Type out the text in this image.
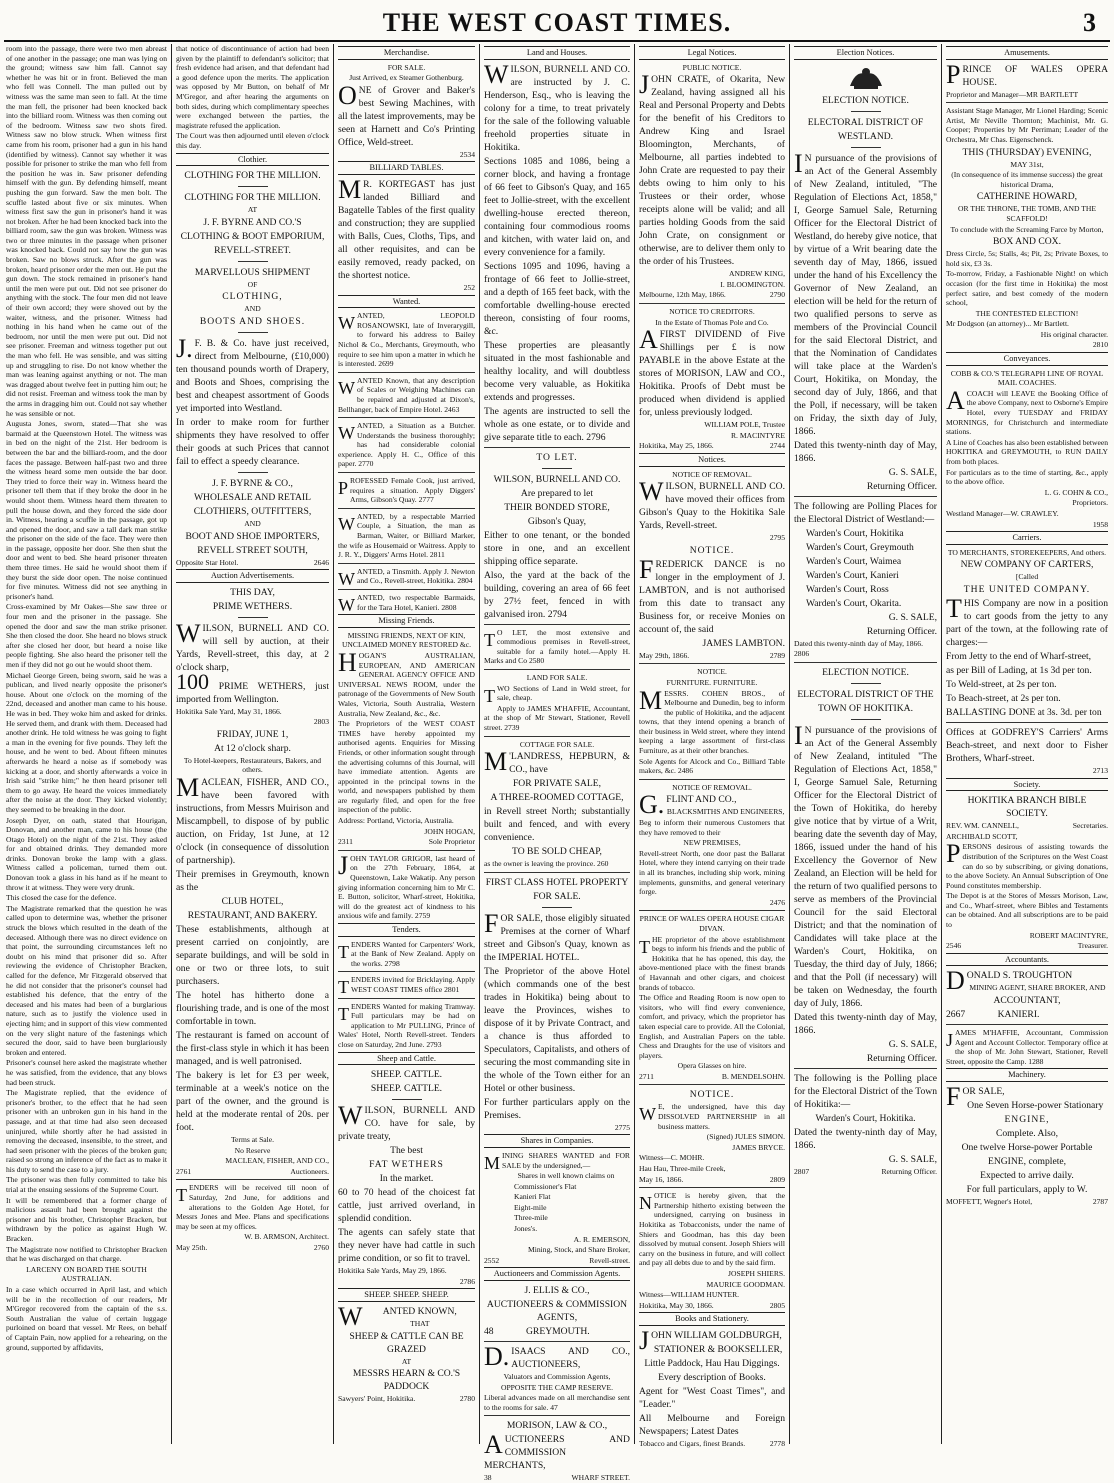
THE WEST COAST TIMES.	3

room into the passage, there were two men abreast of one another in the passage; one man was lying on the ground; witness saw him fall. Cannot say whether he was hit or in front. Believed the man who fell was Connell. The man pulled out by witness was the same man seen to fall. At the time the man fell, the prisoner had been knocked back into the billiard room. Witness was then coming out of the bedroom. Witness saw two shots fired. Witness saw no blow struck. When witness first came from his room, prisoner had a gun in his hand (identified by witness). Cannot say whether it was possible for prisoner to strike the man who fell from the position he was in. Saw prisoner defending himself with the gun. By defending himself, meant pushing the gun forward. Saw the men bolt. The scuffle lasted about five or six minutes. When witness first saw the gun in prisoner's hand it was not broken. After he had been knocked back into the billiard room, saw the gun was broken. Witness was two or three minutes in the passage when prisoner was knocked back. Could not say how the gun was broken. Saw no blows struck. After the gun was broken, heard prisoner order the men out. He put the gun down. The stock remained in prisoner's hand until the men were put out. Did not see prisoner do anything with the stock. The four men did not leave of their own accord; they were shoved out by the waiter, witness, and the prisoner. Witness had nothing in his hand when he came out of the bedroom, nor until the men were put out. Did not see prisoner. Freeman and witness together put out the man who fell. He was sensible, and was sitting up and struggling to rise. Do not know whether the man was leaning against anything or not. The man was dragged about twelve feet in putting him out; he did not resist. Freeman and witness took the man by the arms in dragging him out. Could not say whether he was sensible or not.

Augusta Jones, sworn, stated—That she was barmaid at the Queenstown Hotel. The witness was in bed on the night of the 21st. Her bedroom is between the bar and the billiard-room, and the door faces the passage. Between half-past two and three the witness heard some men outside the bar door. They tried to force their way in. Witness heard the prisoner tell them that if they broke the door in he would shoot them. Witness heard them threaten to pull the house down, and they forced the side door in. Witness, hearing a scuffle in the passage, got up and opened the door, and saw a tall dark man strike the prisoner on the side of the face. They were then in the passage, opposite her door. She then shut the door and went to bed. She heard prisoner threaten them three times. He said he would shoot them if they burst the side door open. The noise continued for five minutes. Witness did not see anything in prisoner's hand.

Cross-examined by Mr Oakes—She saw three or four men and the prisoner in the passage. She opened the door and saw the man strike prisoner. She then closed the door. She heard no blows struck after she closed her door, but heard a noise like people fighting. She also heard the prisoner tell the men if they did not go out he would shoot them.

Michael George Green, being sworn, said he was a publican, and lived nearly opposite the prisoner's house. About one o'clock on the morning of the 22nd, deceased and another man came to his house. He was in bed. They woke him and asked for drinks. He served them, and drank with them. Deceased had another drink. He told witness he was going to fight a man in the evening for five pounds. They left the house, and he went to bed. About fifteen minutes afterwards he heard a noise as if somebody was kicking at a door, and shortly afterwards a voice in Irish said "strike him;" he then heard prisoner tell them to go away. He heard the voices immediately after the noise at the door. They kicked violently; they seemed to be breaking in the door.

Joseph Dyer, on oath, stated that Hourigan, Donovan, and another man, came to his house (the Otago Hotel) on the night of the 21st. They asked for and obtained drinks. They demanded more drinks. Donovan broke the lamp with a glass. Witness called a policeman, turned them out. Donovan took a glass in his hand as if he meant to throw it at witness. They were very drunk.

This closed the case for the defence.

The Magistrate remarked that the question he was called upon to determine was, whether the prisoner struck the blows which resulted in the death of the deceased. Although there was no direct evidence on that point, the surrounding circumstances left no doubt on his mind that prisoner did so. After reviewing the evidence of Christopher Bracken, called for the defence, Mr Fitzgerald observed that he did not consider that the prisoner's counsel had established his defence, that the entry of the deceased and his mates had been of a burglarious nature, such as to justify the violence used in ejecting him; and in support of this view commented on the very slight nature of the fastenings which secured the door, said to have been burglariously broken and entered.

Prisoner's counsel here asked the magistrate whether he was satisfied, from the evidence, that any blows had been struck.

The Magistrate replied, that the evidence of prisoner's brother, to the effect that he had seen prisoner with an unbroken gun in his hand in the passage, and at that time had also seen deceased uninjured, while shortly after he had assisted in removing the deceased, insensible, to the street, and had seen prisoner with the pieces of the broken gun; raised so strong an inference of the fact as to make it his duty to send the case to a jury.

The prisoner was then fully committed to take his trial at the ensuing sessions of the Supreme Court.

It will be remembered that a former charge of malicious assault had been brought against the prisoner and his brother, Christopher Bracken, but withdrawn by the police as against Hugh W. Bracken.

The Magistrate now notified to Christopher Bracken that he was discharged on that charge.

LARCENY ON BOARD THE SOUTH AUSTRALIAN.

In a case which occurred in April last, and which will be in the recollection of our readers, Mr M'Gregor recovered from the captain of the s.s. South Australian the value of certain luggage purloined on board that vessel. Mr Rees, on behalf of Captain Pain, now applied for a rehearing, on the ground, supported by affidavits,

that notice of discontinuance of action had been given by the plaintiff to defendant's solicitor; that fresh evidence had arisen, and that defendant had a good defence upon the merits. The application was opposed by Mr Button, on behalf of Mr M'Gregor, and after hearing the arguments on both sides, during which complimentary speeches were exchanged between the parties, the magistrate refused the application.

The Court was then adjourned until eleven o'clock this day.

Clothier.

CLOTHING FOR THE MILLION.

CLOTHING FOR THE MILLION.

AT

J. F. BYRNE AND CO.'S

CLOTHING & BOOT EMPORIUM,

REVELL-STREET.

MARVELLOUS SHIPMENT

OF

CLOTHING,

AND

BOOTS AND SHOES.

J. F. B. & Co. have just received, direct from Melbourne, (£10,000) ten thousand pounds worth of Drapery, and Boots and Shoes, comprising the best and cheapest assortment of Goods yet imported into Westland.

In order to make room for further shipments they have resolved to offer their goods at such Prices that cannot fail to effect a speedy clearance.

J. F. BYRNE & CO.,

WHOLESALE AND RETAIL

CLOTHIERS, OUTFITTERS,

AND

BOOT AND SHOE IMPORTERS,

REVELL STREET SOUTH,

Opposite Star Hotel.	2646

Auction Advertisements.

THIS DAY,

PRIME WETHERS.

WILSON, BURNELL AND CO. will sell by auction, at their Yards, Revell-street, this day, at 2 o'clock sharp,

100 PRIME WETHERS, just imported from Wellington.

Hokitika Sale Yard, May 31, 1866.

2803

FRIDAY, JUNE 1,

At 12 o'clock sharp.

To Hotel-keepers, Restaurateurs, Bakers, and others.

MACLEAN, FISHER, AND CO., have been favored with instructions, from Messrs Muirison and Miscampbell, to dispose of by public auction, on Friday, 1st June, at 12 o'clock (in consequence of dissolution of partnership).

Their premises in Greymouth, known as the

CLUB HOTEL,

RESTAURANT, AND BAKERY.

These establishments, although at present carried on conjointly, are separate buildings, and will be sold in one or two or three lots, to suit purchasers.

The hotel has hitherto done a flourishing trade, and is one of the most comfortable in town.

The restaurant is famed on account of the first-class style in which it has been managed, and is well patronised.

The bakery is let for £3 per week, terminable at a week's notice on the part of the owner, and the ground is held at the moderate rental of 20s. per foot.

Terms at Sale.

No Reserve

MACLEAN, FISHER, AND CO.,

2761	Auctioneers.

TENDERS will be received till noon of Saturday, 2nd June, for additions and alterations to the Golden Age Hotel, for Messrs Jones and Mee. Plans and specifications may be seen at my offices.

W. B. ARMSON, Architect.

May 25th.	2760

Merchandise.

FOR SALE.

Just Arrived, ex Steamer Gothenburg.

ONE of Grover and Baker's best Sewing Machines, with all the latest improvements, may be seen at Harnett and Co's Printing Office, Weld-street.

2534

BILLIARD TABLES.

M R. KORTEGAST has just landed Billiard and Bagatelle Tables of the first quality and construction; they are supplied with Balls, Cues, Cloths, Tips, and all other requisites, and can be easily removed, ready packed, on the shortest notice.

252

Wanted.

WANTED, LEOPOLD ROSANOWSKI, late of Inverarygill, to forward his address to Bailey Nichol & Co., Merchants, Greymouth, who require to see him upon a matter in which he is interested. 2699

WANTED Known, that any description of Scales or Weighing Machines can be repaired and adjusted at Dixon's, Bellhanger, back of Empire Hotel. 2463

WANTED, a Situation as a Butcher. Understands the business thoroughly; has had considerable colonial experience. Apply H. C., Office of this paper. 2770

PROFESSED Female Cook, just arrived, requires a situation. Apply Diggers' Arms, Gibson's Quay. 2777

WANTED, by a respectable Married Couple, a Situation, the man as Barman, Waiter, or Billiard Marker, the wife as Housemaid or Waitress. Apply to J. R. Y., Diggers' Arms Hotel. 2811

WANTED, a Tinsmith. Apply J. Newton and Co., Revell-street, Hokitika. 2804

WANTED, two respectable Barmaids, for the Tara Hotel, Kanieri. 2808

Missing Friends.

MISSING FRIENDS, NEXT OF KIN, UNCLAIMED MONEY RESTORED &c.

HOGAN'S AUSTRALIAN, EUROPEAN, AND AMERICAN GENERAL AGENCY OFFICE AND UNIVERSAL NEWS ROOM, under the patronage of the Governments of New South Wales, Victoria, South Australia, Western Australia, New Zealand, &c., &c.

The Proprietors of the WEST COAST TIMES have hereby appointed my authorised agents. Enquiries for Missing Friends, or other information sought through the advertising columns of this Journal, will have immediate attention. Agents are appointed in the principal towns in the world, and newspapers published by them are regularly filed, and open for the free inspection of the public.

Address: Portland, Victoria, Australia.

JOHN HOGAN,

2311	Sole Proprietor

JOHN TAYLOR GRIGOR, last heard of on the 27th February, 1864, at Queenstown, Lake Wakatip. Any person giving information concerning him to Mr C. E. Button, solicitor, Wharf-street, Hokitika, will do the greatest act of kindness to his anxious wife and family. 2759

Tenders.

TENDERS Wanted for Carpenters' Work, at the Bank of New Zealand. Apply on the works. 2798

TENDERS invited for Bricklaying. Apply WEST COAST TIMES office 2801

TENDERS Wanted for making Tramway. Full particulars may be had on application to Mr PULLING, Prince of Wales' Hotel, North Revell-street. Tenders close on Saturday, 2nd June. 2793

Sheep and Cattle.

SHEEP. CATTLE.

SHEEP. CATTLE.

WILSON, BURNELL AND CO. have for sale, by private treaty,

The best

FAT WETHERS

In the market.

60 to 70 head of the choicest fat cattle, just arrived overland, in splendid condition.

The agents can safely state that they never have had cattle in such prime condition, or so fit to travel.

Hokitika Sale Yards, May 29, 1866.

2786

SHEEP. SHEEP. SHEEP.

W ANTED KNOWN,

THAT

SHEEP & CATTLE CAN BE GRAZED

AT

MESSRS HEARN & CO.'S PADDOCK

Sawyers' Point, Hokitika.	2780

Land and Houses.

WILSON, BURNELL AND CO. are instructed by J. C. Henderson, Esq., who is leaving the colony for a time, to treat privately for the sale of the following valuable freehold properties situate in Hokitika.

Sections 1085 and 1086, being a corner block, and having a frontage of 66 feet to Gibson's Quay, and 165 feet to Jollie-street, with the excellent dwelling-house erected thereon, containing four commodious rooms and kitchen, with water laid on, and every convenience for a family.

Sections 1095 and 1096, having a frontage of 66 feet to Jollie-street, and a depth of 165 feet back, with the comfortable dwelling-house erected thereon, consisting of four rooms, &c.

These properties are pleasantly situated in the most fashionable and healthy locality, and will doubtless become very valuable, as Hokitika extends and progresses.

The agents are instructed to sell the whole as one estate, or to divide and give separate title to each. 2796

TO LET.

WILSON, BURNELL AND CO.

Are prepared to let

THEIR BONDED STORE,

Gibson's Quay,

Either to one tenant, or the bonded store in one, and an excellent shipping office separate.

Also, the yard at the back of the building, covering an area of 66 feet by 27½ feet, fenced in with galvanised iron. 2794

T O LET, the most extensive and commodious premises in Revell-street, suitable for a family hotel.—Apply H. Marks and Co 2580

LAND FOR SALE.

TWO Sections of Land in Weld street, for sale, cheap.

Apply to JAMES M'HAFFIE, Accountant, at the shop of Mr Stewart, Stationer, Revell street. 2739

COTTAGE FOR SALE.

M 'LANDRESS, HEPBURN, & CO., have

FOR PRIVATE SALE,

A THREE-ROOMED COTTAGE,

in Revell street North; substantially built and fenced, and with every convenience.

TO BE SOLD CHEAP,

as the owner is leaving the province. 260

FIRST CLASS HOTEL PROPERTY

FOR SALE.

FOR SALE, those eligibly situated Premises at the corner of Wharf street and Gibson's Quay, known as the IMPERIAL HOTEL.

The Proprietor of the above Hotel (which commands one of the best trades in Hokitika) being about to leave the Provinces, wishes to dispose of it by Private Contract, and a chance is thus afforded to Speculators, Capitalists, and others of securing the most commanding site in the whole of the Town either for an Hotel or other business.

For further particulars apply on the Premises.

2775

Shares in Companies.

MINING SHARES WANTED and FOR SALE by the undersigned,—

Shares in well known claims on

Commissioner's Flat

Kanieri Flat

Eight-mile

Three-mile

Jones's.

A. R. EMERSON,

Mining, Stock, and Share Broker,

2552	Revell-street.

Auctioneers and Commission Agents.

J. ELLIS & CO.,

AUCTIONEERS & COMMISSION AGENTS,

48	GREYMOUTH.

D. ISAACS AND CO., AUCTIONEERS,

Valuators and Commission Agents,

OPPOSITE THE CAMP RESERVE.

Liberal advances made on all merchandise sent to the rooms for sale. 47

MORISON, LAW & CO.,

AUCTIONEERS AND COMMISSION MERCHANTS,

38	WHARF STREET.

Legal Notices.

PUBLIC NOTICE.

JOHN CRATE, of Okarita, New Zealand, having assigned all his Real and Personal Property and Debts for the benefit of his Creditors to Andrew King and Israel Bloomington, Merchants, of Melbourne, all parties indebted to John Crate are requested to pay their debts owing to him only to his Trustees or their order, whose receipts alone will be valid; and all parties holding Goods from the said John Crate, on consignment or otherwise, are to deliver them only to the order of his Trustees.

ANDREW KING,

I. BLOOMINGTON.

Melbourne, 12th May, 1866.	2790

NOTICE TO CREDITORS.

In the Estate of Thomas Pole and Co.

AFIRST DIVIDEND of Five Shillings per £ is now PAYABLE in the above Estate at the stores of MORISON, LAW and CO., Hokitika. Proofs of Debt must be produced when dividend is applied for, unless previously lodged.

WILLIAM POLE, Trustee

R. MACINTYRE

Hokitika, May 25, 1866.	2744

Notices.

NOTICE OF REMOVAL.

WILSON, BURNELL AND CO. have moved their offices from Gibson's Quay to the Hokitika Sale Yards, Revell-street.

2795

NOTICE.

FREDERICK DANCE is no longer in the employment of J. LAMBTON, and is not authorised from this date to transact any Business for, or receive Monies on account of, the said

JAMES LAMBTON.

May 29th, 1866.	2789

NOTICE.

FURNITURE. FURNITURE.

MESSRS. COHEN BROS., of Melbourne and Dunedin, beg to inform the public of Hokitika, and the adjacent towns, that they intend opening a branch of their business in Weld street, where they intend keeping a large assortment of first-class Furniture, as at their other branches.

Sole Agents for Alcock and Co., Billiard Table makers, &c. 2486

NOTICE OF REMOVAL.

G. FLINT AND CO.,

BLACKSMITHS AND ENGINEERS,

Beg to inform their numerous Customers that they have removed to their

NEW PREMISES,

Revell-street North, one door past the Ballarat Hotel, where they intend carrying on their trade in all its branches, including ship work, mining implements, gunsmiths, and general veterinary forge.

2476

PRINCE OF WALES OPERA HOUSE CIGAR DIVAN.

THE proprietor of the above establishment begs to inform his friends and the public of Hokitika that he has opened, this day, the above-mentioned place with the finest brands of Havannah and other cigars, and choicest brands of tobacco.

The Office and Reading Room is now open to visitors, who will find every convenience, comfort, and privacy, which the proprietor has taken especial care to provide. All the Colonial, English, and Australian Papers on the table. Chess and Draughts for the use of visitors and players.

Opera Glasses on hire.

2711	B. MENDELSOHN.

NOTICE.

W E, the undersigned, have this day DISSOLVED PARTNERSHIP in all business matters.

(Signed) JULES SIMON.

JAMES BRYCE.

Witness—C. MOHR.

Hau Hau, Three-mile Creek,

May 16, 1866.	2809

NOTICE is hereby given, that the Partnership hitherto existing between the undersigned, carrying on business in Hokitika as Tobacconists, under the name of Shiers and Goodman, has this day been dissolved by mutual consent. Joseph Shiers will carry on the business in future, and will collect and pay all debts due to and by the said firm.

JOSEPH SHIERS.

MAURICE GOODMAN.

Witness—WILLIAM HUNTER.

Hokitika, May 30, 1866.	2805

Books and Stationery.

JOHN WILLIAM GOLDBURGH,

STATIONER & BOOKSELLER,

Little Paddock, Hau Hau Diggings.

Every description of Books.

Agent for "West Coast Times", and "Leader."

All Melbourne and Foreign Newspapers; Latest Dates

Tobacco and Cigars, finest Brands.	2778

Election Notices.

ELECTION NOTICE.

ELECTORAL DISTRICT OF

WESTLAND.

I N pursuance of the provisions of an Act of the General Assembly of New Zealand, intituled, "The Regulation of Elections Act, 1858," I, George Samuel Sale, Returning Officer for the Electoral District of Westland, do hereby give notice, that by virtue of a Writ bearing date the seventh day of May, 1866, issued under the hand of his Excellency the Governor of New Zealand, an election will be held for the return of two qualified persons to serve as members of the Provincial Council for the said Electoral District, and that the Nomination of Candidates will take place at the Warden's Court, Hokitika, on Monday, the second day of July, 1866, and that the Poll, if necessary, will be taken on Friday, the sixth day of July, 1866.

Dated this twenty-ninth day of May, 1866.

G. S. SALE,

Returning Officer.

The following are Polling Places for the Electoral District of Westland:—

Warden's Court, Hokitika

Warden's Court, Greymouth

Warden's Court, Waimea

Warden's Court, Kanieri

Warden's Court, Ross

Warden's Court, Okarita.

G. S. SALE,

Returning Officer.

Dated this twenty-ninth day of May, 1866.

2806

ELECTION NOTICE.

ELECTORAL DISTRICT OF THE

TOWN OF HOKITIKA.

I N pursuance of the provisions of an Act of the General Assembly of New Zealand, intituled "The Regulation of Elections Act, 1858," I, George Samuel Sale, Returning Officer for the Electoral District of the Town of Hokitika, do hereby give notice that by virtue of a Writ, bearing date the seventh day of May, 1866, issued under the hand of his Excellency the Governor of New Zealand, an Election will be held for the return of two qualified persons to serve as members of the Provincial Council for the said Electoral District; and that the nomination of Candidates will take place at the Warden's Court, Hokitika, on Tuesday, the third day of July, 1866; and that the Poll (if necessary) will be taken on Wednesday, the fourth day of July, 1866.

Dated this twenty-ninth day of May, 1866.

G. S. SALE,

Returning Officer.

The following is the Polling place for the Electoral District of the Town of Hokitika:—

Warden's Court, Hokitika.

Dated the twenty-ninth day of May, 1866.

G. S. SALE,

2807	Returning Officer.

Amusements.

PRINCE OF WALES OPERA HOUSE.

Proprietor and Manager—MR BARTLETT

Assistant Stage Manager, Mr Lionel Harding; Scenic Artist, Mr Neville Thornton; Machinist, Mr. G. Cooper; Properties by Mr Perriman; Leader of the Orchestra, Mr Chas. Eigenschenck.

THIS (THURSDAY) EVENING,

MAY 31st,

(In consequence of its immense success) the great historical Drama,

CATHERINE HOWARD,

OR THE THRONE, THE TOMB, AND THE SCAFFOLD!

To conclude with the Screaming Farce by Morton,

BOX AND COX.

Dress Circle, 5s; Stalls, 4s; Pit, 2s; Private Boxes, to hold six, £3 3s.

To-morrow, Friday, a Fashionable Night! on which occasion (for the first time in Hokitika) the most perfect satire, and best comedy of the modern school,

THE CONTESTED ELECTION!

Mr Dodgson (an attorney)... Mr Bartlett.

His original character.

2810

Conveyances.

COBB & CO.'S TELEGRAPH LINE OF ROYAL MAIL COACHES.

ACOACH will LEAVE the Booking Office of the above Company, next to Osborne's Empire Hotel, every TUESDAY and FRIDAY MORNINGS, for Christchurch and intermediate stations.

A Line of Coaches has also been established between HOKITIKA and GREYMOUTH, to RUN DAILY from both places.

For particulars as to the time of starting, &c., apply to the above office.

L. G. COHN & CO.,

Proprietors.

Westland Manager—W. CRAWLEY.

1958

Carriers.

TO MERCHANTS, STOREKEEPERS, And others.

NEW COMPANY OF CARTERS,

[Called

THE UNITED COMPANY.

THIS Company are now in a position to cart goods from the jetty to any part of the town, at the following rate of charges:—

From Jetty to the end of Wharf-street,

as per Bill of Lading, at 1s 3d per ton.

To Weld-street, at 2s per ton.

To Beach-street, at 2s per ton.

BALLASTING DONE at 3s. 3d. per ton

Offices at GODFREY'S Carriers' Arms Beach-street, and next door to Fisher Brothers, Wharf-street.

2713

Society.

HOKITIKA BRANCH BIBLE SOCIETY.

REV. WM. CANNELL,	Secretaries.

ARCHIBALD SCOTT,

PERSONS desirous of assisting towards the distribution of the Scriptures on the West Coast can do so by subscribing, or giving donations, to the above Society. An Annual Subscription of One Pound constitutes membership.

The Depot is at the Stores of Messrs Morison, Law, and Co., Wharf-street, where Bibles and Testaments can be obtained. And all subscriptions are to be paid to

ROBERT MACINTYRE,

2546	Treasurer.

Accountants.

DONALD S. TROUGHTON

MINING AGENT, SHARE BROKER, AND

ACCOUNTANT,

2667	KANIERI.

JAMES M'HAFFIE, Accountant, Commission Agent and Account Collector. Temporary office at the shop of Mr. John Stewart, Stationer, Revell Street, opposite the Camp. 1288

Machinery.

FOR SALE,

One Seven Horse-power Stationary

ENGINE,

Complete. Also,

One twelve Horse-power Portable

ENGINE, complete,

Expected to arrive daily.

For full particulars, apply to W.

MOFFETT, Wegner's Hotel,	2787
